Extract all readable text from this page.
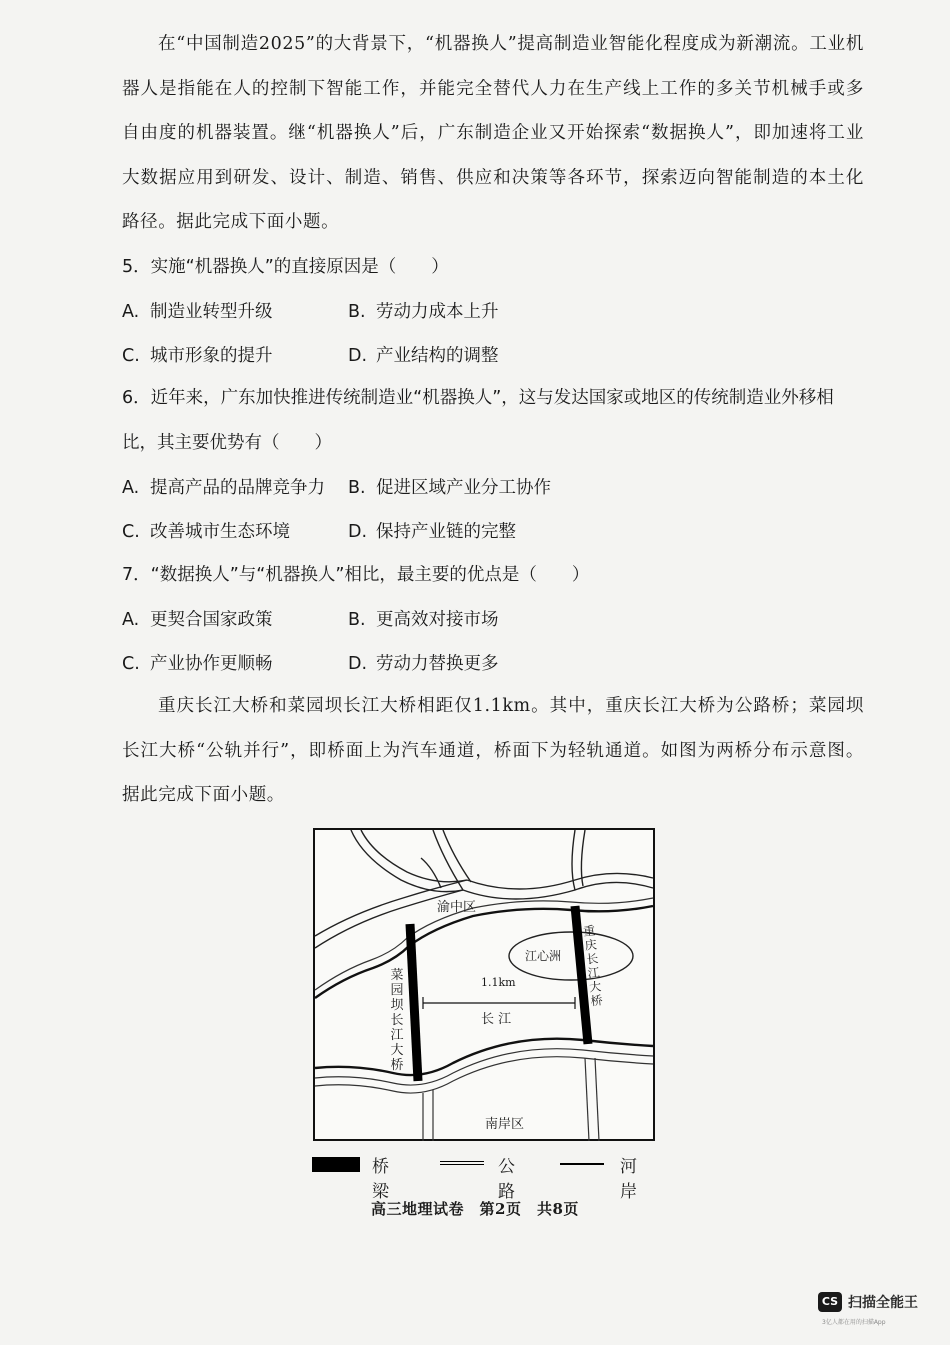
在“中国制造2025”的大背景下，“机器换人”提高制造业智能化程度成为新潮流。工业机器人是指能在人的控制下智能工作，并能完全替代人力在生产线上工作的多关节机械手或多自由度的机器装置。继“机器换人”后，广东制造企业又开始探索“数据换人”，即加速将工业大数据应用到研发、设计、制造、销售、供应和决策等各环节，探索迈向智能制造的本土化路径。据此完成下面小题。

5．实施“机器换人”的直接原因是（　　）

A. 制造业转型升级	B. 劳动力成本上升
C. 城市形象的提升	D. 产业结构的调整

6．近年来，广东加快推进传统制造业“机器换人”，这与发达国家或地区的传统制造业外移相比，其主要优势有（　　）

A. 提高产品的品牌竞争力 B. 促进区域产业分工协作
C. 改善城市生态环境	D. 保持产业链的完整

7．“数据换人”与“机器换人”相比，最主要的优点是（　　）

A. 更契合国家政策	B. 更高效对接市场
C. 产业协作更顺畅	D. 劳动力替换更多

重庆长江大桥和菜园坝长江大桥相距仅1.1km。其中，重庆长江大桥为公路桥；菜园坝长江大桥“公轨并行”，即桥面上为汽车通道，桥面下为轻轨通道。如图为两桥分布示意图。据此完成下面小题。

渝中区
南岸区
江心洲
长 江
1.1km
菜
园
坝
长
江
大
桥
重
庆
长
江
大
桥
桥梁
公路
河岸
高三地理试卷　第2页　共8页
CS 扫描全能王
3亿人都在用的扫描App
